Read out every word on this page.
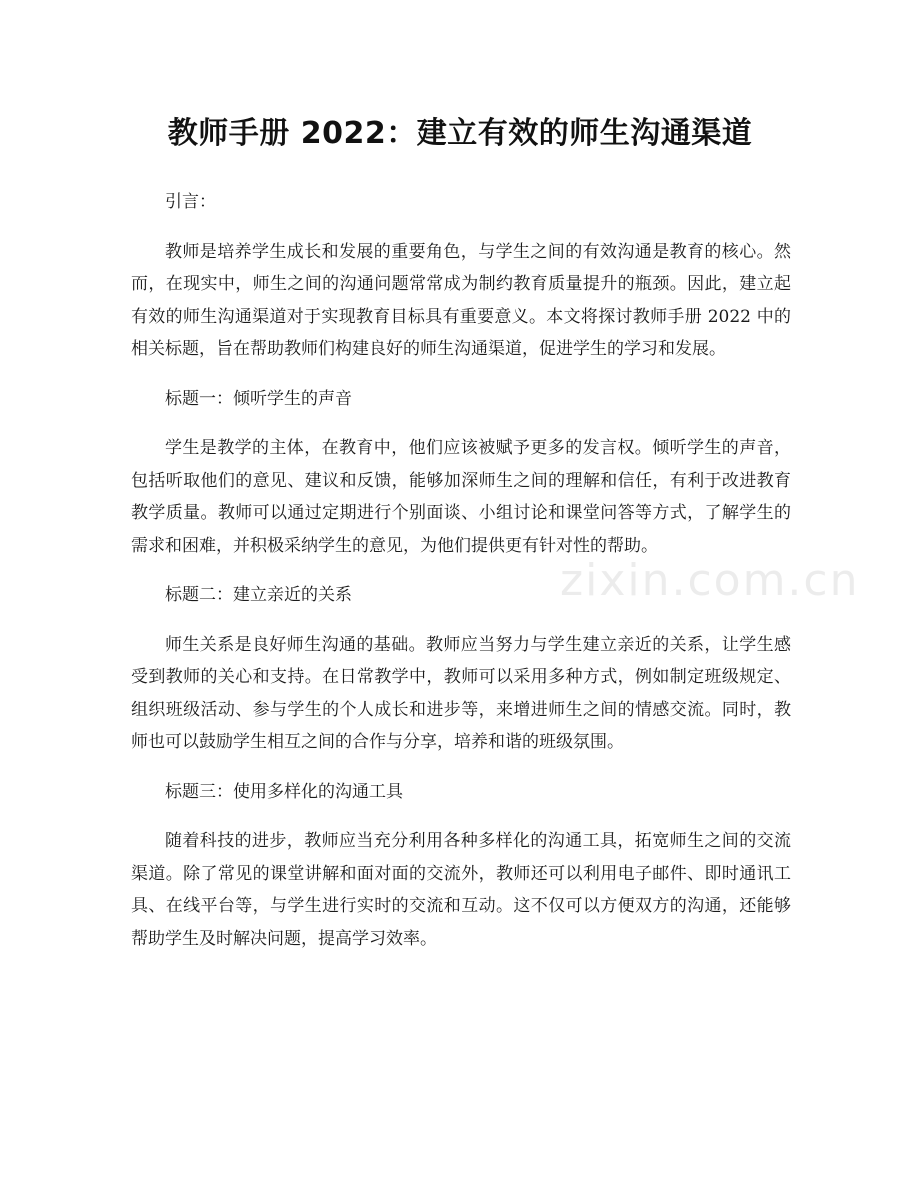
教师手册 2022：建立有效的师生沟通渠道

引言：

教师是培养学生成长和发展的重要角色，与学生之间的有效沟通是教育的核心。然而，在现实中，师生之间的沟通问题常常成为制约教育质量提升的瓶颈。因此，建立起有效的师生沟通渠道对于实现教育目标具有重要意义。本文将探讨教师手册 2022 中的相关标题，旨在帮助教师们构建良好的师生沟通渠道，促进学生的学习和发展。

标题一：倾听学生的声音

学生是教学的主体，在教育中，他们应该被赋予更多的发言权。倾听学生的声音，包括听取他们的意见、建议和反馈，能够加深师生之间的理解和信任，有利于改进教育教学质量。教师可以通过定期进行个别面谈、小组讨论和课堂问答等方式，了解学生的需求和困难，并积极采纳学生的意见，为他们提供更有针对性的帮助。

标题二：建立亲近的关系

师生关系是良好师生沟通的基础。教师应当努力与学生建立亲近的关系，让学生感受到教师的关心和支持。在日常教学中，教师可以采用多种方式，例如制定班级规定、组织班级活动、参与学生的个人成长和进步等，来增进师生之间的情感交流。同时，教师也可以鼓励学生相互之间的合作与分享，培养和谐的班级氛围。

标题三：使用多样化的沟通工具

随着科技的进步，教师应当充分利用各种多样化的沟通工具，拓宽师生之间的交流渠道。除了常见的课堂讲解和面对面的交流外，教师还可以利用电子邮件、即时通讯工具、在线平台等，与学生进行实时的交流和互动。这不仅可以方便双方的沟通，还能够帮助学生及时解决问题，提高学习效率。

zixin.com.cn
